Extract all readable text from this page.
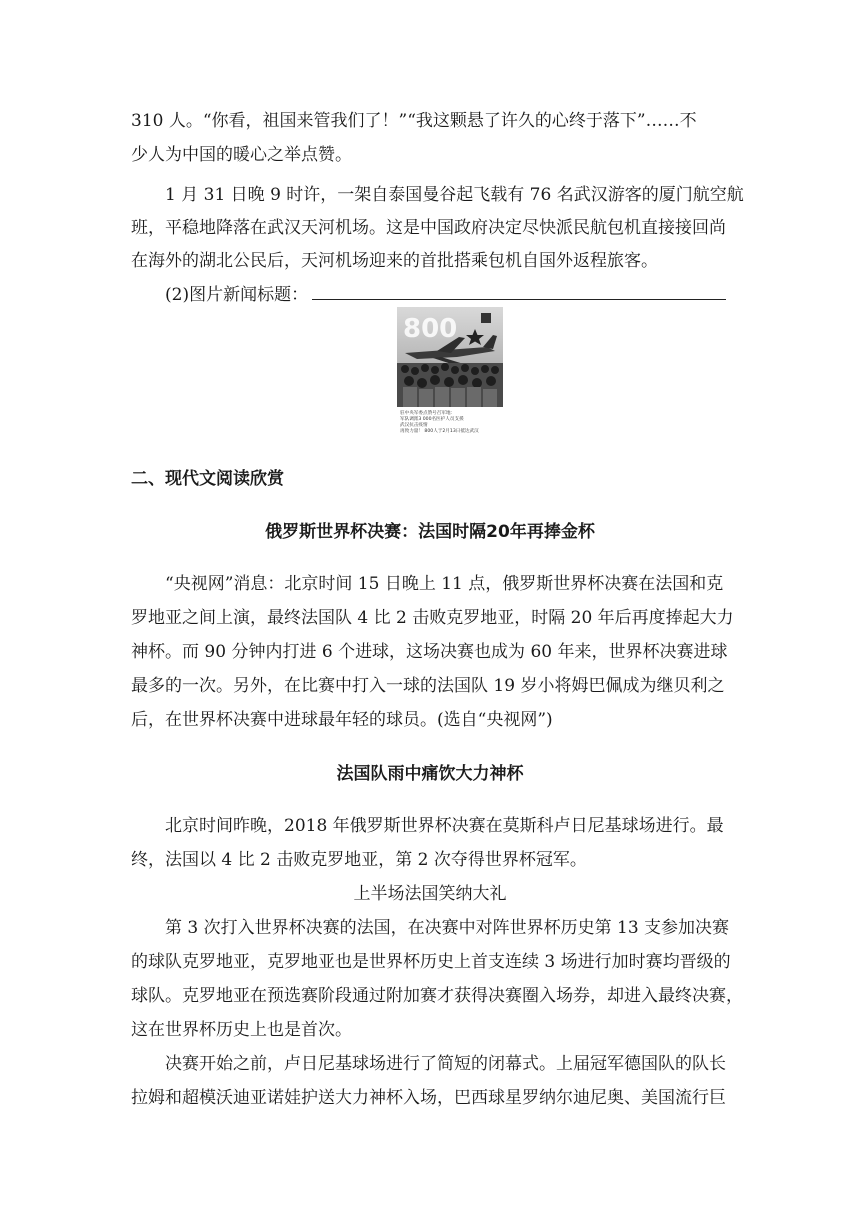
310 人。“你看，祖国来管我们了！”“我这颗悬了许久的心终于落下”……不
少人为中国的暖心之举点赞。
1 月 31 日晚 9 时许，一架自泰国曼谷起飞载有 76 名武汉游客的厦门航空航
班，平稳地降落在武汉天河机场。这是中国政府决定尽快派民航包机直接接回尚
在海外的湖北公民后，天河机场迎来的首批搭乘包机自国外返程旅客。
(2)图片新闻标题：
800
驻中央军委点赞号召军地：
军队调派3 000名医护人员支援
武汉抗击疫情
再致力量！ 800人于2月13日抵达武汉
二、现代文阅读欣赏
俄罗斯世界杯决赛：法国时隔20年再捧金杯
“央视网”消息：北京时间 15 日晚上 11 点，俄罗斯世界杯决赛在法国和克
罗地亚之间上演，最终法国队 4 比 2 击败克罗地亚，时隔 20 年后再度捧起大力
神杯。而 90 分钟内打进 6 个进球，这场决赛也成为 60 年来，世界杯决赛进球
最多的一次。另外，在比赛中打入一球的法国队 19 岁小将姆巴佩成为继贝利之
后，在世界杯决赛中进球最年轻的球员。(选自“央视网”)
法国队雨中痛饮大力神杯
北京时间昨晚，2018 年俄罗斯世界杯决赛在莫斯科卢日尼基球场进行。最
终，法国以 4 比 2 击败克罗地亚，第 2 次夺得世界杯冠军。
上半场法国笑纳大礼
第 3 次打入世界杯决赛的法国，在决赛中对阵世界杯历史第 13 支参加决赛
的球队克罗地亚，克罗地亚也是世界杯历史上首支连续 3 场进行加时赛均晋级的
球队。克罗地亚在预选赛阶段通过附加赛才获得决赛圈入场券，却进入最终决赛，
这在世界杯历史上也是首次。
决赛开始之前，卢日尼基球场进行了简短的闭幕式。上届冠军德国队的队长
拉姆和超模沃迪亚诺娃护送大力神杯入场，巴西球星罗纳尔迪尼奥、美国流行巨
